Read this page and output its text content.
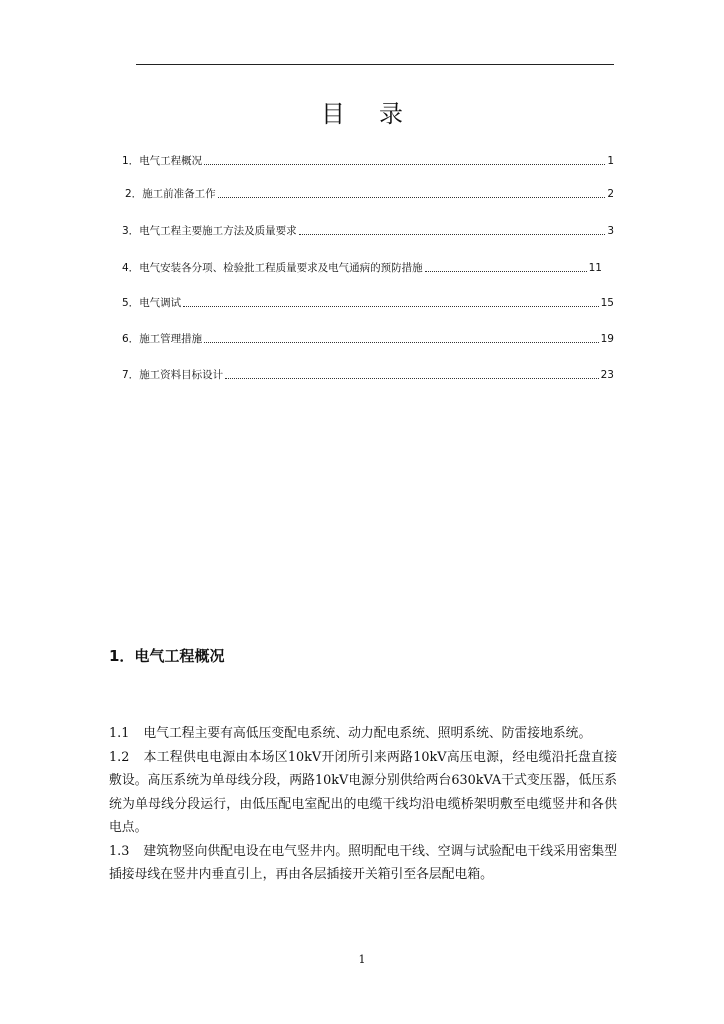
目录
1． 电气工程概况	1
2． 施工前准备工作	2
3． 电气工程主要施工方法及质量要求	3
4． 电气安装各分项、检验批工程质量要求及电气通病的预防措施	11
5． 电气调试	15
6． 施工管理措施	19
7． 施工资料目标设计	23
1．电气工程概况

1.1 电气工程主要有高低压变配电系统、动力配电系统、照明系统、防雷接地系统。

1.2 本工程供电电源由本场区10kV开闭所引来两路10kV高压电源，经电缆沿托盘直接敷设。高压系统为单母线分段，两路10kV电源分别供给两台630kVA干式变压器，低压系统为单母线分段运行，由低压配电室配出的电缆干线均沿电缆桥架明敷至电缆竖井和各供电点。

1.3 建筑物竖向供配电设在电气竖井内。照明配电干线、空调与试验配电干线采用密集型插接母线在竖井内垂直引上，再由各层插接开关箱引至各层配电箱。

1
